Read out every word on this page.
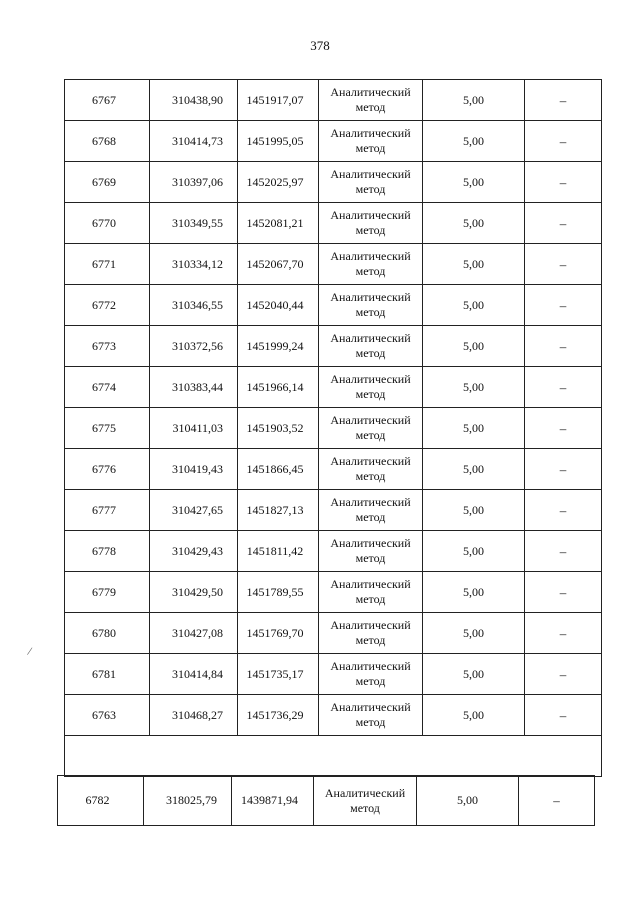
378
/
6767	310438,90	1451917,07	Аналитический
метод	5,00	–
6768	310414,73	1451995,05	Аналитический
метод	5,00	–
6769	310397,06	1452025,97	Аналитический
метод	5,00	–
6770	310349,55	1452081,21	Аналитический
метод	5,00	–
6771	310334,12	1452067,70	Аналитический
метод	5,00	–
6772	310346,55	1452040,44	Аналитический
метод	5,00	–
6773	310372,56	1451999,24	Аналитический
метод	5,00	–
6774	310383,44	1451966,14	Аналитический
метод	5,00	–
6775	310411,03	1451903,52	Аналитический
метод	5,00	–
6776	310419,43	1451866,45	Аналитический
метод	5,00	–
6777	310427,65	1451827,13	Аналитический
метод	5,00	–
6778	310429,43	1451811,42	Аналитический
метод	5,00	–
6779	310429,50	1451789,55	Аналитический
метод	5,00	–
6780	310427,08	1451769,70	Аналитический
метод	5,00	–
6781	310414,84	1451735,17	Аналитический
метод	5,00	–
6763	310468,27	1451736,29	Аналитический
метод	5,00	–

6782	318025,79	1439871,94	Аналитический
метод	5,00	–
